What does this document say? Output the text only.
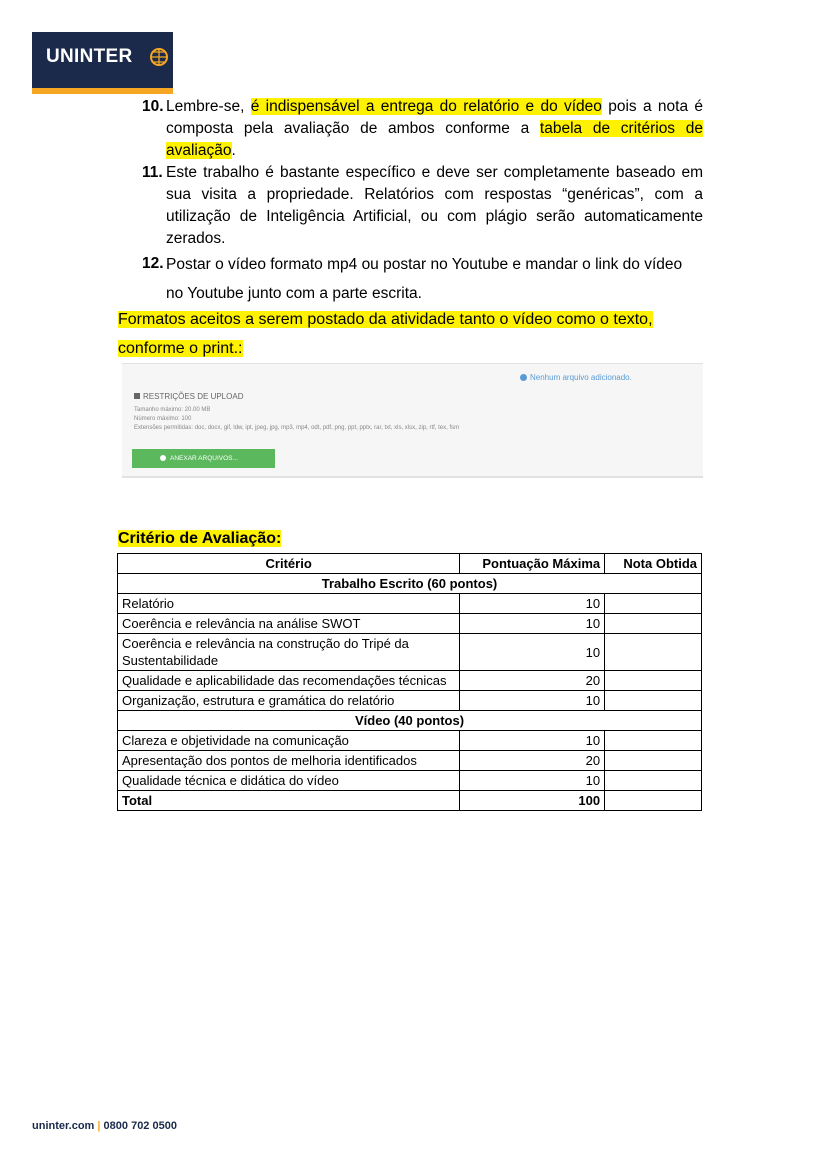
UNINTER
10. Lembre-se, é indispensável a entrega do relatório e do vídeo pois a nota é composta pela avaliação de ambos conforme a tabela de critérios de avaliação.
11. Este trabalho é bastante específico e deve ser completamente baseado em sua visita a propriedade. Relatórios com respostas “genéricas”, com a utilização de Inteligência Artificial, ou com plágio serão automaticamente zerados.
12. Postar o vídeo formato mp4 ou postar no Youtube e mandar o link do vídeo no Youtube junto com a parte escrita.
Formatos aceitos a serem postado da atividade tanto o vídeo como o texto, conforme o print.:
Nenhum arquivo adicionado.
RESTRIÇÕES DE UPLOAD
Tamanho máximo: 20.00 MB
Número máximo: 100
Extensões permitidas: doc, docx, gif, ldw, ipt, jpeg, jpg, mp3, mp4, odt, pdf, png, ppt, pptx, rar, txt, xls, xlsx, zip, rtf, tex, fsm
ANEXAR ARQUIVOS...
Critério de Avaliação:
Critério	Pontuação Máxima	Nota Obtida
Trabalho Escrito (60 pontos)		
Relatório	10	
Coerência e relevância na análise SWOT	10	
Coerência e relevância na construção do Tripé da Sustentabilidade	10	
Qualidade e aplicabilidade das recomendações técnicas	20	
Organização, estrutura e gramática do relatório	10	
Vídeo (40 pontos)		
Clareza e objetividade na comunicação	10	
Apresentação dos pontos de melhoria identificados	20	
Qualidade técnica e didática do vídeo	10	
Total	100	
uninter.com | 0800 702 0500
